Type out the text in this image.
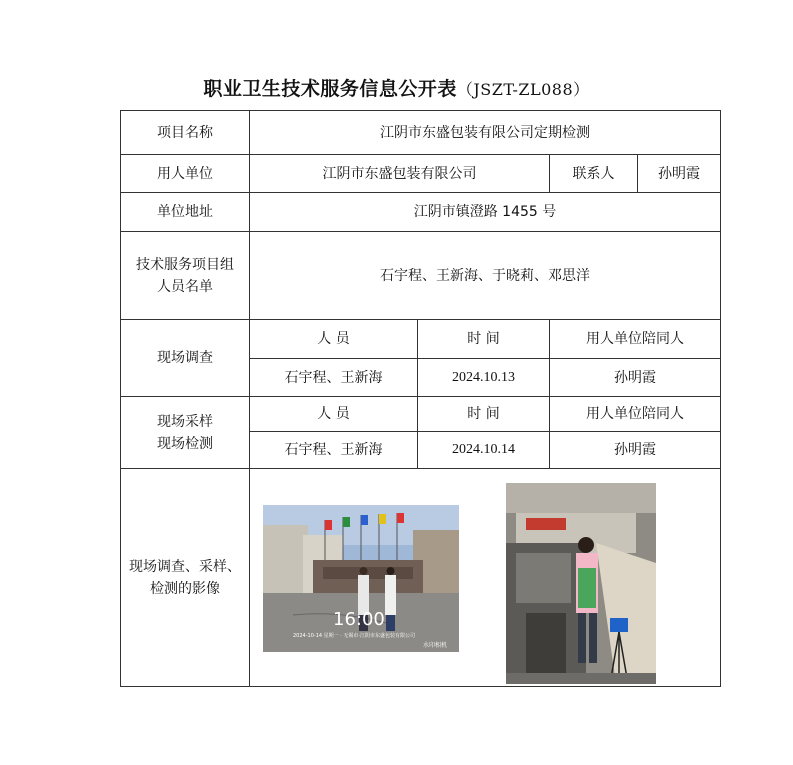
职业卫生技术服务信息公开表（JSZT-ZL088）
项目名称	江阴市东盛包装有限公司定期检测			
用人单位	江阴市东盛包装有限公司		联系人	孙明霞
单位地址	江阴市镇澄路 1455 号			
技术服务项目组
人员名单	石宇程、王新海、于晓莉、邓思洋			
现场调查	人 员	时 间	用人单位陪同人	
	石宇程、王新海	2024.10.13	孙明霞	
现场采样
现场检测	人 员	时 间	用人单位陪同人	
	石宇程、王新海	2024.10.14	孙明霞	
现场调查、采样、
检测的影像	16:00
2024-10-14 星期一 · 无锡市·江阴市东盛包装有限公司
水印相机			
